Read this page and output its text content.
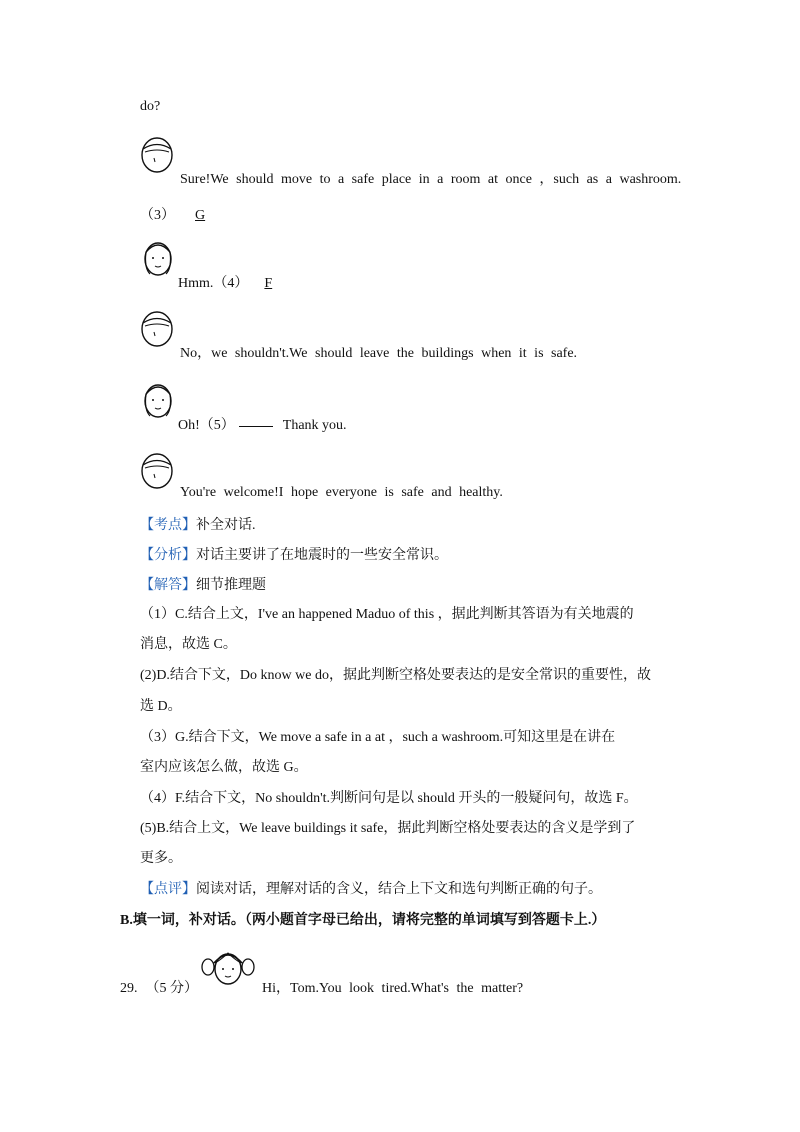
do?
Sure!We should move to a safe place in a room at once ，such as a washroom.
（3） G
Hmm.（4） F
No，we shouldn't.We should leave the buildings when it is safe.
Oh!（5）	Thank you.
You're welcome!I hope everyone is safe and healthy.
【考点】补全对话.
【分析】对话主要讲了在地震时的一些安全常识。
【解答】细节推理题
（1）C.结合上文，I've an happened Maduo of this ，据此判断其答语为有关地震的
消息，故选 C。
(2)D.结合下文，Do know we do，据此判断空格处要表达的是安全常识的重要性，故
选 D。
（3）G.结合下文，We move a safe in a at ，such a washroom.可知这里是在讲在
室内应该怎么做，故选 G。
（4）F.结合下文，No shouldn't.判断问句是以 should 开头的一般疑问句，故选 F。
(5)B.结合上文，We leave buildings it safe，据此判断空格处要表达的含义是学到了
更多。
【点评】阅读对话，理解对话的含义，结合上下文和选句判断正确的句子。
B.填一词，补对话。（两小题首字母已给出，请将完整的单词填写到答题卡上.）
29. （5 分）	Hi，Tom.You look tired.What's the matter?
